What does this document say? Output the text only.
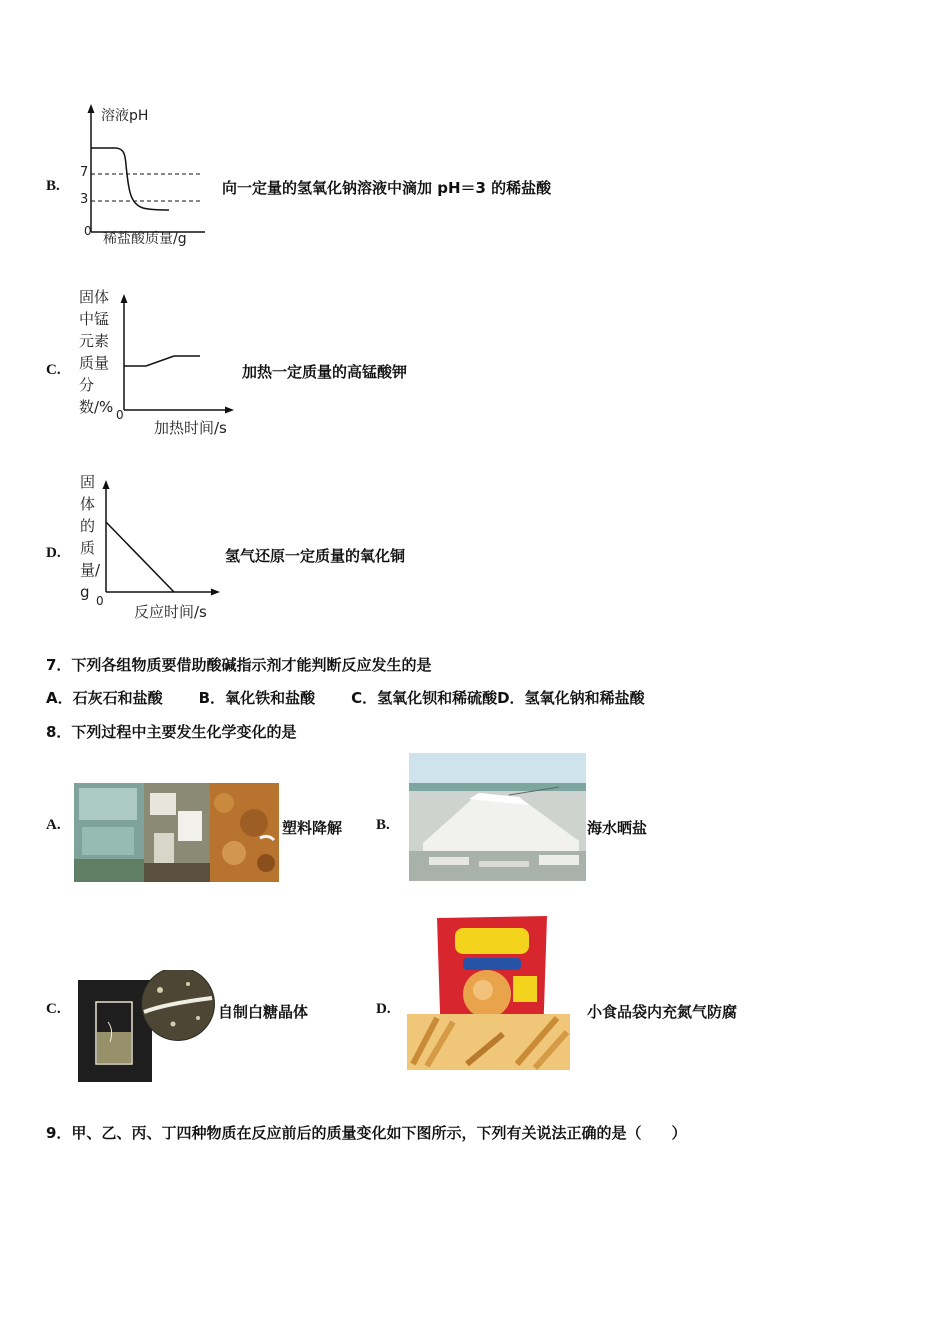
B.
溶液pH
7
3
0 稀盐酸质量/g
向一定量的氢氧化钠溶液中滴加 pH＝3 的稀盐酸
C.
固体中锰元素质量分数/% 0
加热时间/s
加热一定质量的高锰酸钾
D.
固体的质量/g 0
反应时间/s
氢气还原一定质量的氧化铜
7．下列各组物质要借助酸碱指示剂才能判断反应发生的是
A．石灰石和盐酸 B．氧化铁和盐酸 C．氢氧化钡和稀硫酸D．氢氧化钠和稀盐酸
8．下列过程中主要发生化学变化的是
A.	塑料降解 B.	海水晒盐
C.	自制白糖晶体	D.	小食品袋内充氮气防腐
9．甲、乙、丙、丁四种物质在反应前后的质量变化如下图所示，下列有关说法正确的是（　　）
